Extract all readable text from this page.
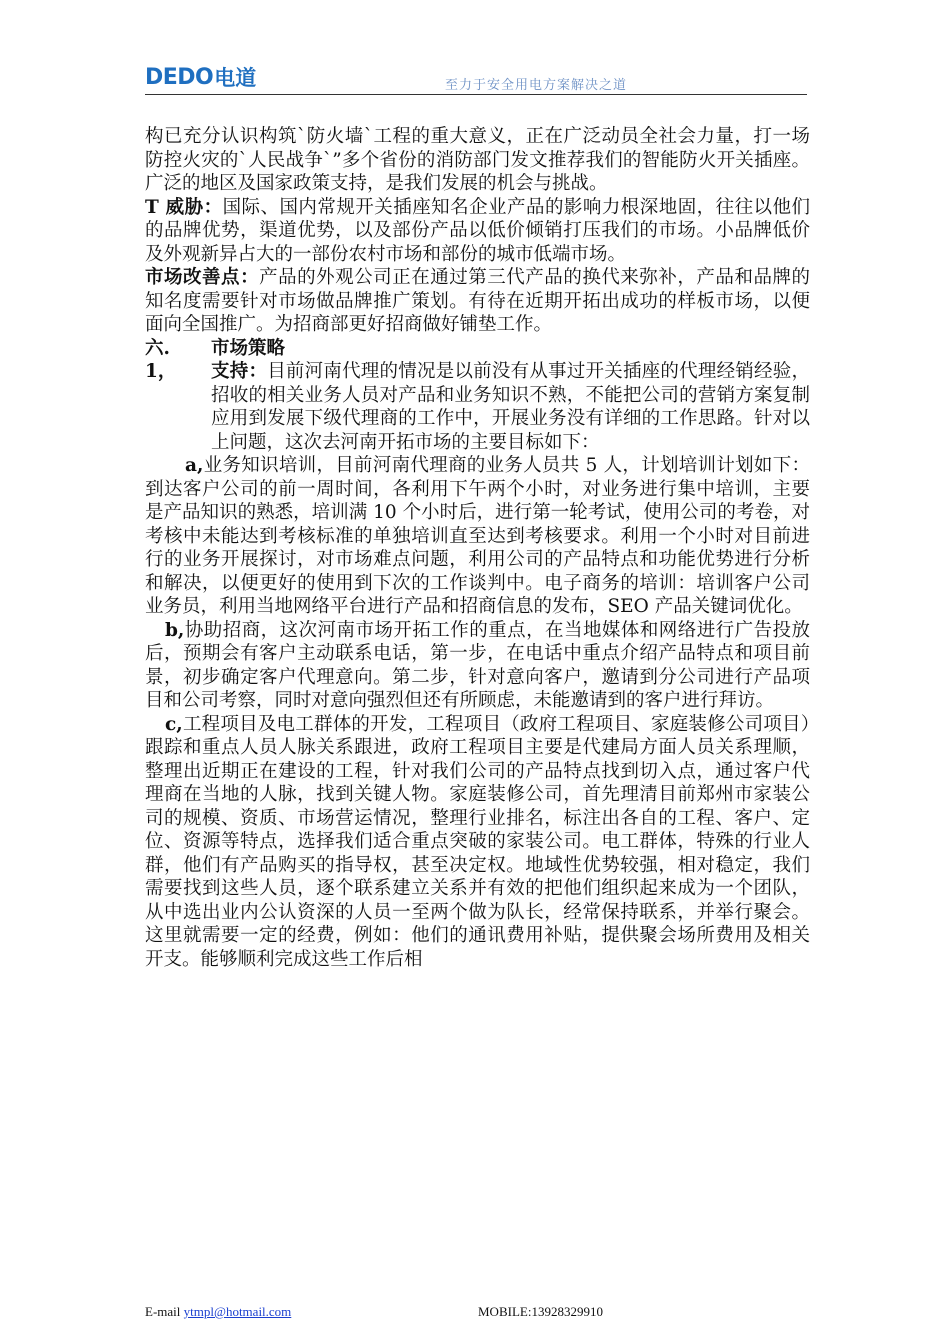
DEDO 电道	至力于安全用电方案解决之道

构已充分认识构筑`防火墙`工程的重大意义，正在广泛动员全社会力量，打一场防控火灾的`人民战争`”多个省份的消防部门发文推荐我们的智能防火开关插座。广泛的地区及国家政策支持，是我们发展的机会与挑战。

T 威胁：国际、国内常规开关插座知名企业产品的影响力根深地固，往往以他们的品牌优势，渠道优势，以及部份产品以低价倾销打压我们的市场。小品牌低价及外观新异占大的一部份农村市场和部份的城市低端市场。

市场改善点：产品的外观公司正在通过第三代产品的换代来弥补，产品和品牌的知名度需要针对市场做品牌推广策划。有待在近期开拓出成功的样板市场，以便面向全国推广。为招商部更好招商做好铺垫工作。

六.	市场策略
1，	支持：目前河南代理的情况是以前没有从事过开关插座的代理经销经验，招收的相关业务人员对产品和业务知识不熟，不能把公司的营销方案复制应用到发展下级代理商的工作中，开展业务没有详细的工作思路。针对以上问题，这次去河南开拓市场的主要目标如下：

a,业务知识培训，目前河南代理商的业务人员共 5 人，计划培训计划如下：到达客户公司的前一周时间，各利用下午两个小时，对业务进行集中培训，主要是产品知识的熟悉，培训满 10 个小时后，进行第一轮考试，使用公司的考卷，对考核中未能达到考核标准的单独培训直至达到考核要求。利用一个小时对目前进行的业务开展探讨，对市场难点问题，利用公司的产品特点和功能优势进行分析和解决，以便更好的使用到下次的工作谈判中。电子商务的培训：培训客户公司业务员，利用当地网络平台进行产品和招商信息的发布，SEO 产品关键词优化。

b,协助招商，这次河南市场开拓工作的重点，在当地媒体和网络进行广告投放后，预期会有客户主动联系电话，第一步，在电话中重点介绍产品特点和项目前景，初步确定客户代理意向。第二步，针对意向客户，邀请到分公司进行产品项目和公司考察，同时对意向强烈但还有所顾虑，未能邀请到的客户进行拜访。

c,工程项目及电工群体的开发，工程项目（政府工程项目、家庭装修公司项目）跟踪和重点人员人脉关系跟进，政府工程项目主要是代建局方面人员关系理顺，整理出近期正在建设的工程，针对我们公司的产品特点找到切入点，通过客户代理商在当地的人脉，找到关键人物。家庭装修公司，首先理清目前郑州市家装公司的规模、资质、市场营运情况，整理行业排名，标注出各自的工程、客户、定位、资源等特点，选择我们适合重点突破的家装公司。电工群体，特殊的行业人群，他们有产品购买的指导权，甚至决定权。地域性优势较强，相对稳定，我们需要找到这些人员，逐个联系建立关系并有效的把他们组织起来成为一个团队，从中选出业内公认资深的人员一至两个做为队长，经常保持联系，并举行聚会。这里就需要一定的经费，例如：他们的通讯费用补贴，提供聚会场所费用及相关开支。能够顺利完成这些工作后相

E-mail ytmpl@hotmail.com	MOBILE:13928329910
